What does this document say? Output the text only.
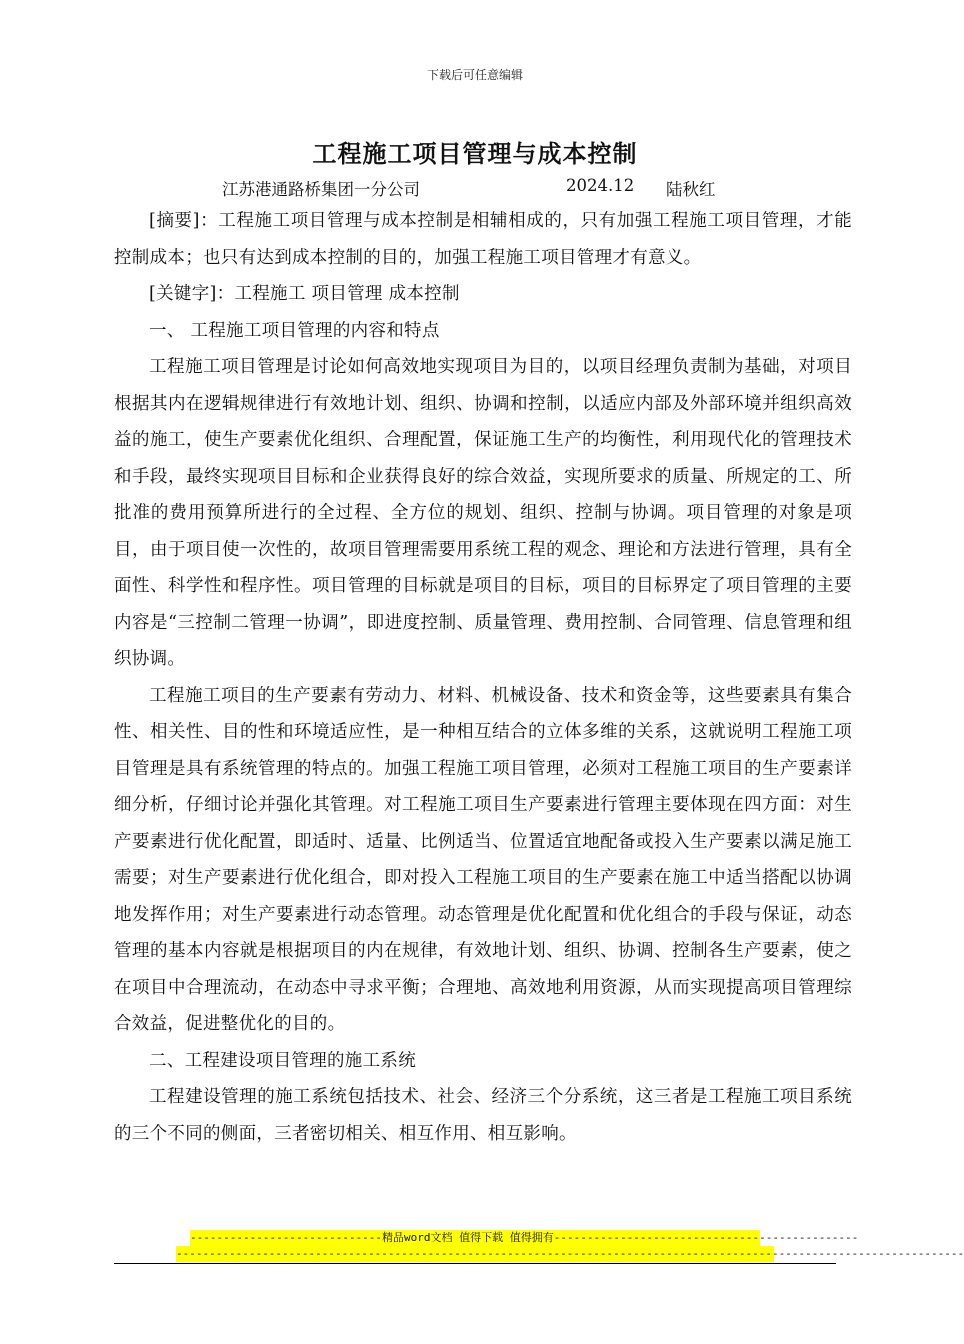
下载后可任意编辑
工程施工项目管理与成本控制
江苏港通路桥集团一分公司	2024.12 陆秋红

[摘要]：工程施工项目管理与成本控制是相辅相成的，只有加强工程施工项目管理，才能控制成本；也只有达到成本控制的目的，加强工程施工项目管理才有意义。

[关键字]：工程施工 项目管理 成本控制

一、 工程施工项目管理的内容和特点

工程施工项目管理是讨论如何高效地实现项目为目的，以项目经理负责制为基础，对项目根据其内在逻辑规律进行有效地计划、组织、协调和控制，以适应内部及外部环境并组织高效益的施工，使生产要素优化组织、合理配置，保证施工生产的均衡性，利用现代化的管理技术和手段，最终实现项目目标和企业获得良好的综合效益，实现所要求的质量、所规定的工、所批准的费用预算所进行的全过程、全方位的规划、组织、控制与协调。项目管理的对象是项目，由于项目使一次性的，故项目管理需要用系统工程的观念、理论和方法进行管理，具有全面性、科学性和程序性。项目管理的目标就是项目的目标，项目的目标界定了项目管理的主要内容是“三控制二管理一协调”，即进度控制、质量管理、费用控制、合同管理、信息管理和组织协调。

工程施工项目的生产要素有劳动力、材料、机械设备、技术和资金等，这些要素具有集合性、相关性、目的性和环境适应性，是一种相互结合的立体多维的关系，这就说明工程施工项目管理是具有系统管理的特点的。加强工程施工项目管理，必须对工程施工项目的生产要素详细分析，仔细讨论并强化其管理。对工程施工项目生产要素进行管理主要体现在四方面：对生产要素进行优化配置，即适时、适量、比例适当、位置适宜地配备或投入生产要素以满足施工需要；对生产要素进行优化组合，即对投入工程施工项目的生产要素在施工中适当搭配以协调地发挥作用；对生产要素进行动态管理。动态管理是优化配置和优化组合的手段与保证，动态管理的基本内容就是根据项目的内在规律，有效地计划、组织、协调、控制各生产要素，使之在项目中合理流动，在动态中寻求平衡；合理地、高效地利用资源，从而实现提高项目管理综合效益，促进整优化的目的。

二、工程建设项目管理的施工系统

工程建设管理的施工系统包括技术、社会、经济三个分系统，这三者是工程施工项目系统的三个不同的侧面，三者密切相关、相互作用、相互影响。

-----------------------------精品word文档 值得下载 值得拥有----------------------------------------------
-----------------------------------------------------------------------------------------------------------------------
